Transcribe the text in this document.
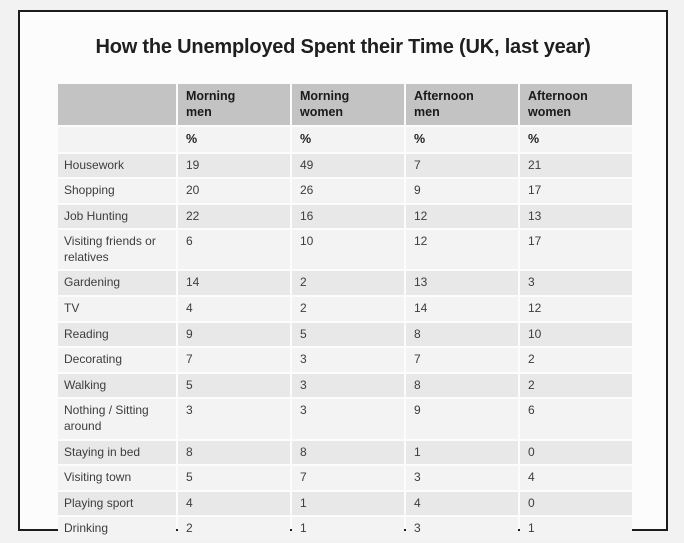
How the Unemployed Spent their Time (UK, last year)
	Morning men	Morning women	Afternoon men	Afternoon women
	%	%	%	%
Housework	19	49	7	21
Shopping	20	26	9	17
Job Hunting	22	16	12	13
Visiting friends or relatives	6	10	12	17
Gardening	14	2	13	3
TV	4	2	14	12
Reading	9	5	8	10
Decorating	7	3	7	2
Walking	5	3	8	2
Nothing / Sitting around	3	3	9	6
Staying in bed	8	8	1	0
Visiting town	5	7	3	4
Playing sport	4	1	4	0
Drinking	2	1	3	1
